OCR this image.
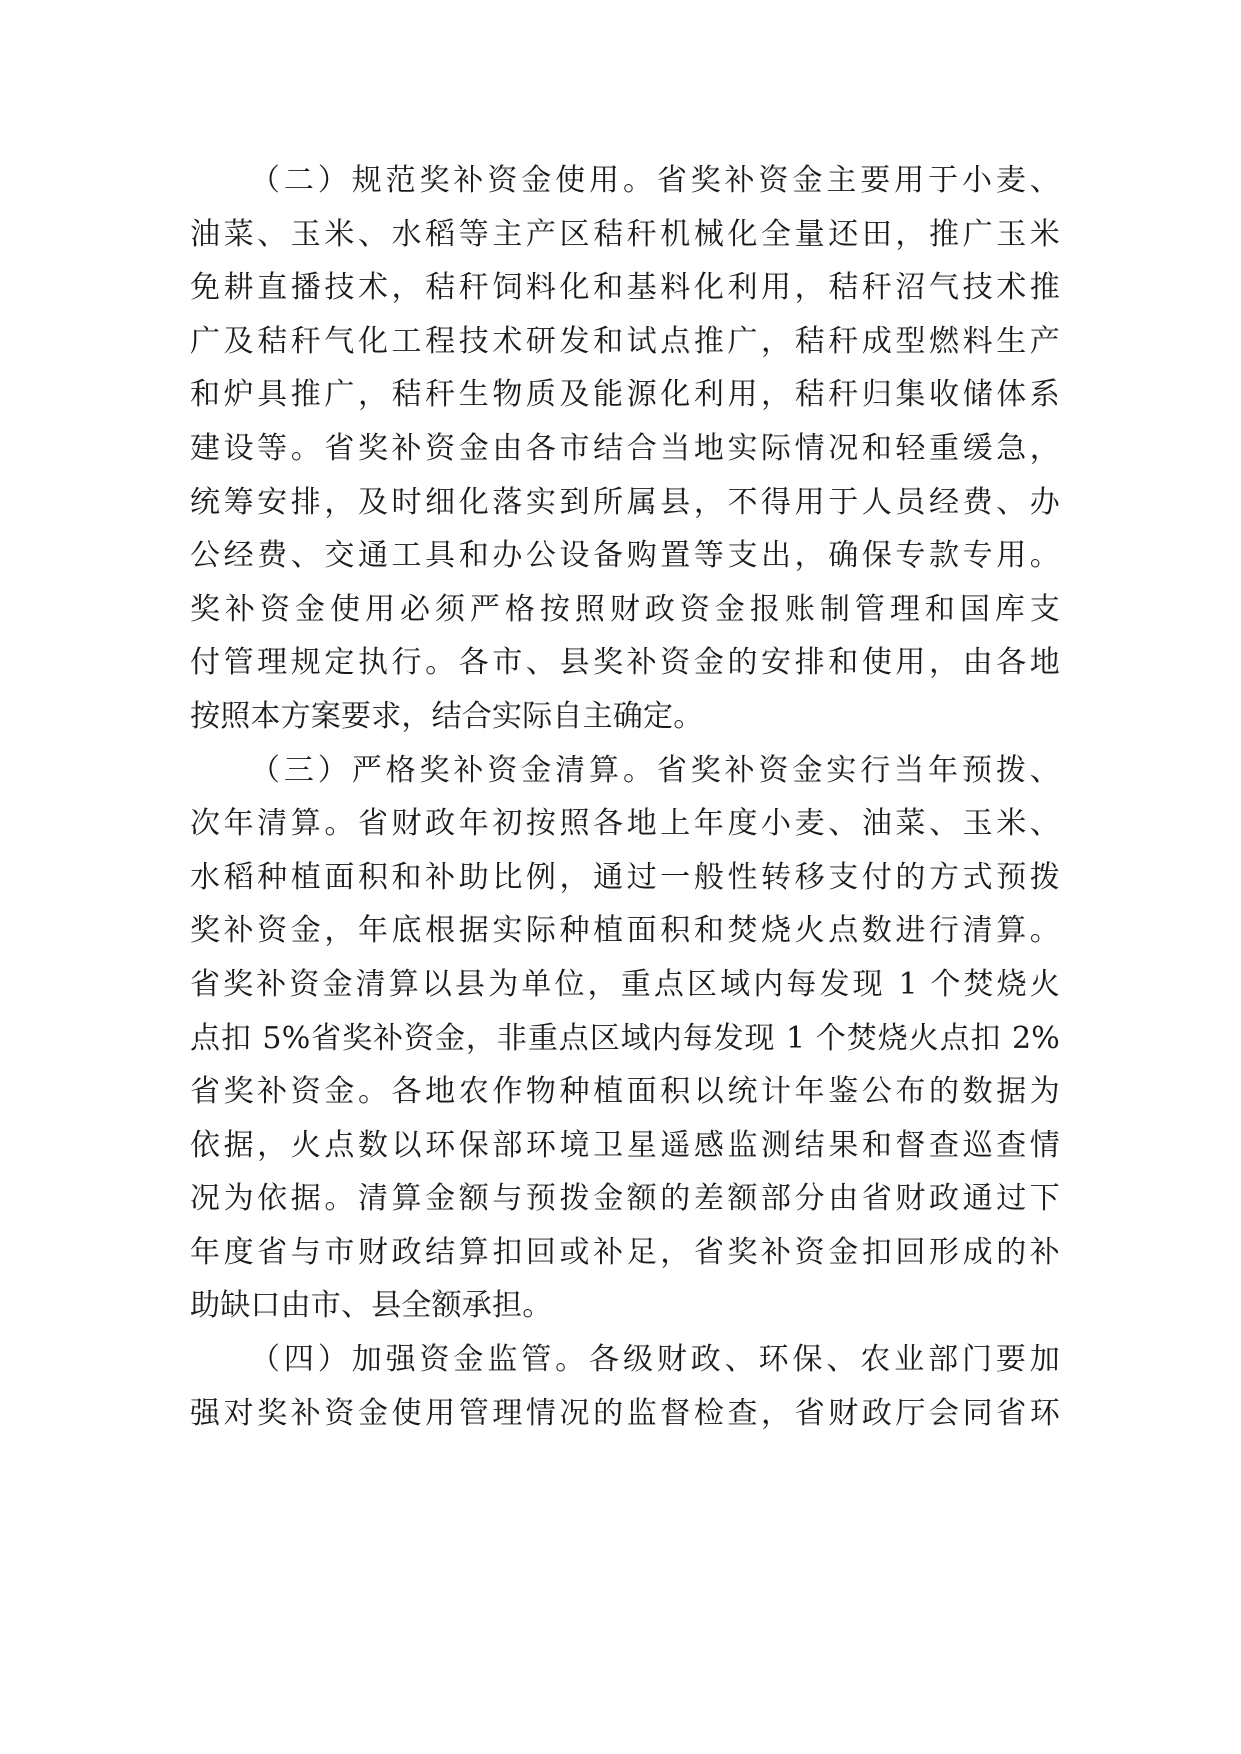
（二）规范奖补资金使用。省奖补资金主要用于小麦、
油菜、玉米、水稻等主产区秸秆机械化全量还田，推广玉米
免耕直播技术，秸秆饲料化和基料化利用，秸秆沼气技术推
广及秸秆气化工程技术研发和试点推广，秸秆成型燃料生产
和炉具推广，秸秆生物质及能源化利用，秸秆归集收储体系
建设等。省奖补资金由各市结合当地实际情况和轻重缓急，
统筹安排，及时细化落实到所属县，不得用于人员经费、办
公经费、交通工具和办公设备购置等支出，确保专款专用。
奖补资金使用必须严格按照财政资金报账制管理和国库支
付管理规定执行。各市、县奖补资金的安排和使用，由各地
按照本方案要求，结合实际自主确定。
（三）严格奖补资金清算。省奖补资金实行当年预拨、
次年清算。省财政年初按照各地上年度小麦、油菜、玉米、
水稻种植面积和补助比例，通过一般性转移支付的方式预拨
奖补资金，年底根据实际种植面积和焚烧火点数进行清算。
省奖补资金清算以县为单位，重点区域内每发现 1 个焚烧火
点扣 5%省奖补资金，非重点区域内每发现 1 个焚烧火点扣 2%
省奖补资金。各地农作物种植面积以统计年鉴公布的数据为
依据，火点数以环保部环境卫星遥感监测结果和督查巡查情
况为依据。清算金额与预拨金额的差额部分由省财政通过下
年度省与市财政结算扣回或补足，省奖补资金扣回形成的补
助缺口由市、县全额承担。
（四）加强资金监管。各级财政、环保、农业部门要加
强对奖补资金使用管理情况的监督检查，省财政厅会同省环
